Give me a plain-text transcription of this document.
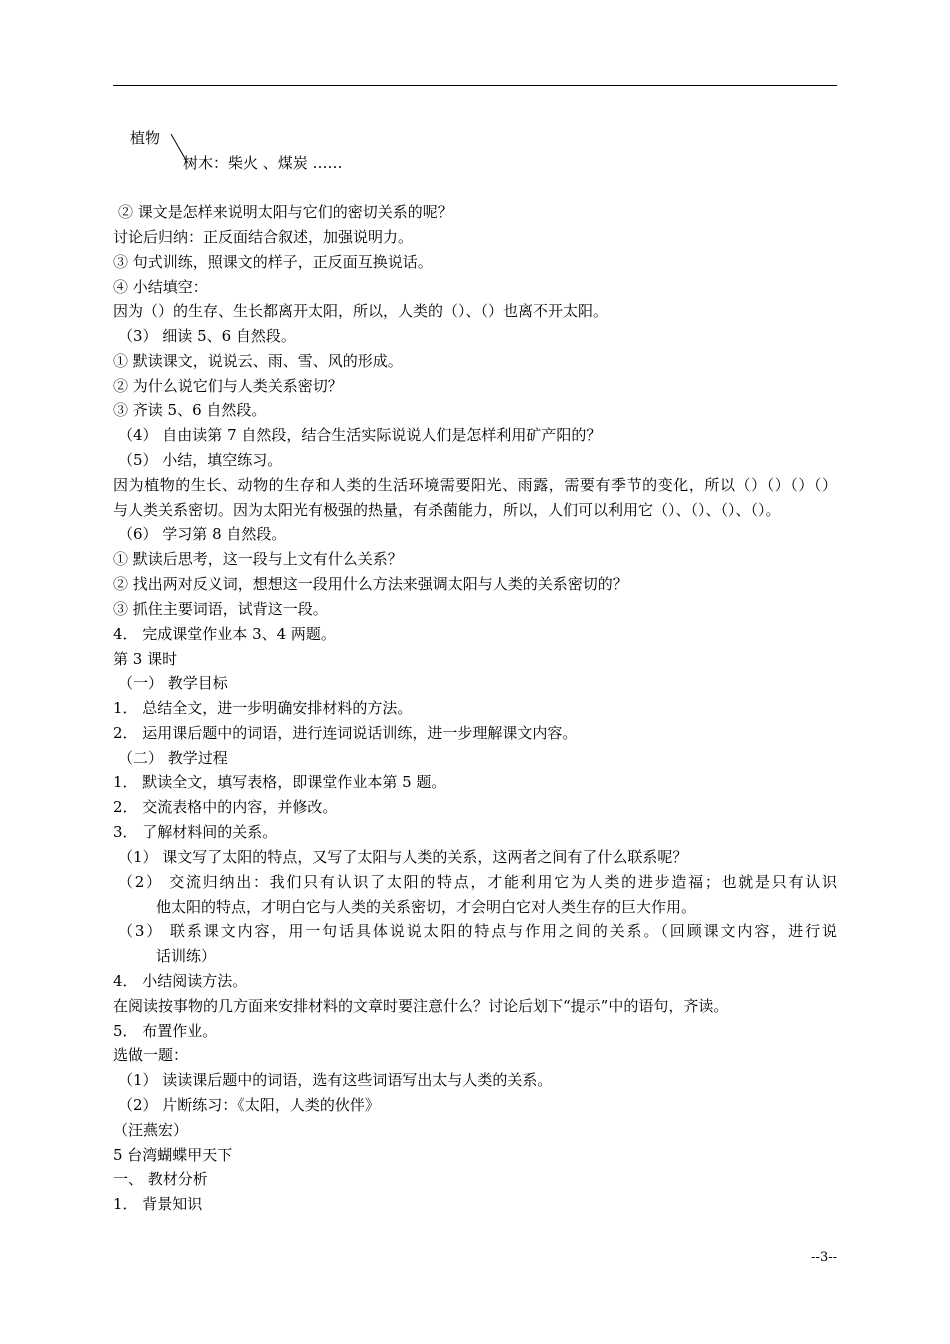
植物
树木：柴火 、煤炭 ……
② 课文是怎样来说明太阳与它们的密切关系的呢？
讨论后归纳：正反面结合叙述，加强说明力。
③ 句式训练，照课文的样子，正反面互换说话。
④ 小结填空：
因为（）的生存、生长都离开太阳，所以，人类的（）、（）也离不开太阳。
（3） 细读 5、6 自然段。
① 默读课文，说说云、雨、雪、风的形成。
② 为什么说它们与人类关系密切？
③ 齐读 5、6 自然段。
（4） 自由读第 7 自然段，结合生活实际说说人们是怎样利用矿产阳的？
（5） 小结，填空练习。
因为植物的生长、动物的生存和人类的生活环境需要阳光、雨露，需要有季节的变化，所以（）（）（）（）
与人类关系密切。因为太阳光有极强的热量，有杀菌能力，所以，人们可以利用它（）、（）、（）、（）。
（6） 学习第 8 自然段。
① 默读后思考，这一段与上文有什么关系？
② 找出两对反义词，想想这一段用什么方法来强调太阳与人类的关系密切的？
③ 抓住主要词语，试背这一段。
4． 完成课堂作业本 3、4 两题。
第 3 课时
（一） 教学目标
1． 总结全文，进一步明确安排材料的方法。
2． 运用课后题中的词语，进行连词说话训练，进一步理解课文内容。
（二） 教学过程
1． 默读全文，填写表格，即课堂作业本第 5 题。
2． 交流表格中的内容，并修改。
3． 了解材料间的关系。
（1） 课文写了太阳的特点，又写了太阳与人类的关系，这两者之间有了什么联系呢？
（2） 交流归纳出：我们只有认识了太阳的特点，才能利用它为人类的进步造福；也就是只有认识
他太阳的特点，才明白它与人类的关系密切，才会明白它对人类生存的巨大作用。
（3） 联系课文内容，用一句话具体说说太阳的特点与作用之间的关系。（回顾课文内容，进行说
话训练）
4． 小结阅读方法。
在阅读按事物的几方面来安排材料的文章时要注意什么？讨论后划下“提示”中的语句，齐读。
5． 布置作业。
选做一题：
（1） 读读课后题中的词语，选有这些词语写出太与人类的关系。
（2） 片断练习：《太阳，人类的伙伴》
（汪燕宏）
5 台湾蝴蝶甲天下
一、 教材分析
1． 背景知识
--3--
